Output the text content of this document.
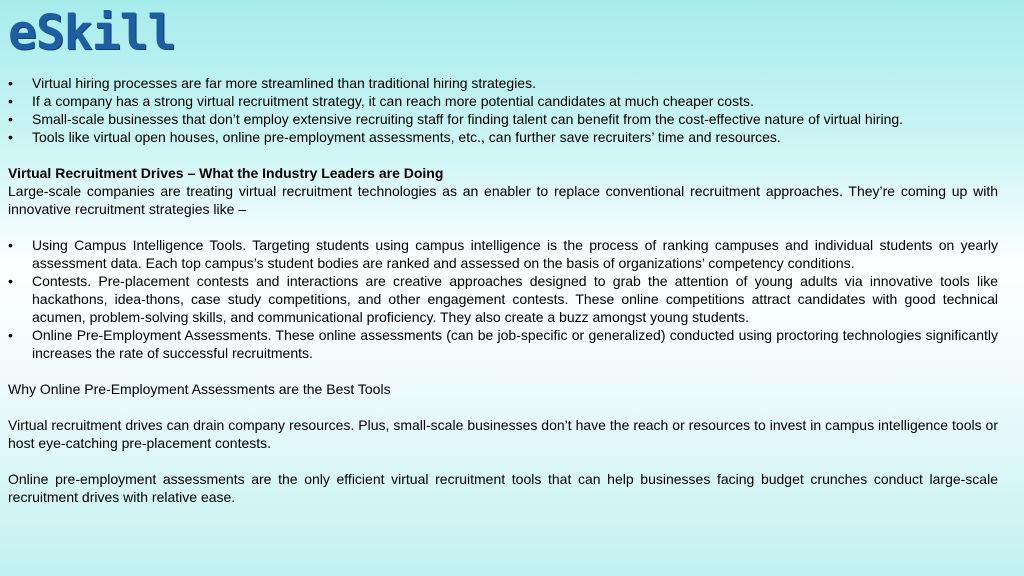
eSkill
• Virtual hiring processes are far more streamlined than traditional hiring strategies.
• If a company has a strong virtual recruitment strategy, it can reach more potential candidates at much cheaper costs.
• Small-scale businesses that don’t employ extensive recruiting staff for finding talent can benefit from the cost-effective nature of virtual hiring.
• Tools like virtual open houses, online pre-employment assessments, etc., can further save recruiters’ time and resources.

Virtual Recruitment Drives – What the Industry Leaders are Doing

Large-scale companies are treating virtual recruitment technologies as an enabler to replace conventional recruitment approaches. They’re coming up with innovative recruitment strategies like –

• Using Campus Intelligence Tools. Targeting students using campus intelligence is the process of ranking campuses and individual students on yearly assessment data. Each top campus’s student bodies are ranked and assessed on the basis of organizations’ competency conditions.
• Contests. Pre-placement contests and interactions are creative approaches designed to grab the attention of young adults via innovative tools like hackathons, idea-thons, case study competitions, and other engagement contests. These online competitions attract candidates with good technical acumen, problem-solving skills, and communicational proficiency. They also create a buzz amongst young students.
• Online Pre-Employment Assessments. These online assessments (can be job-specific or generalized) conducted using proctoring technologies significantly increases the rate of successful recruitments.

Why Online Pre-Employment Assessments are the Best Tools

Virtual recruitment drives can drain company resources. Plus, small-scale businesses don’t have the reach or resources to invest in campus intelligence tools or host eye-catching pre-placement contests.

Online pre-employment assessments are the only efficient virtual recruitment tools that can help businesses facing budget crunches conduct large-scale recruitment drives with relative ease.
